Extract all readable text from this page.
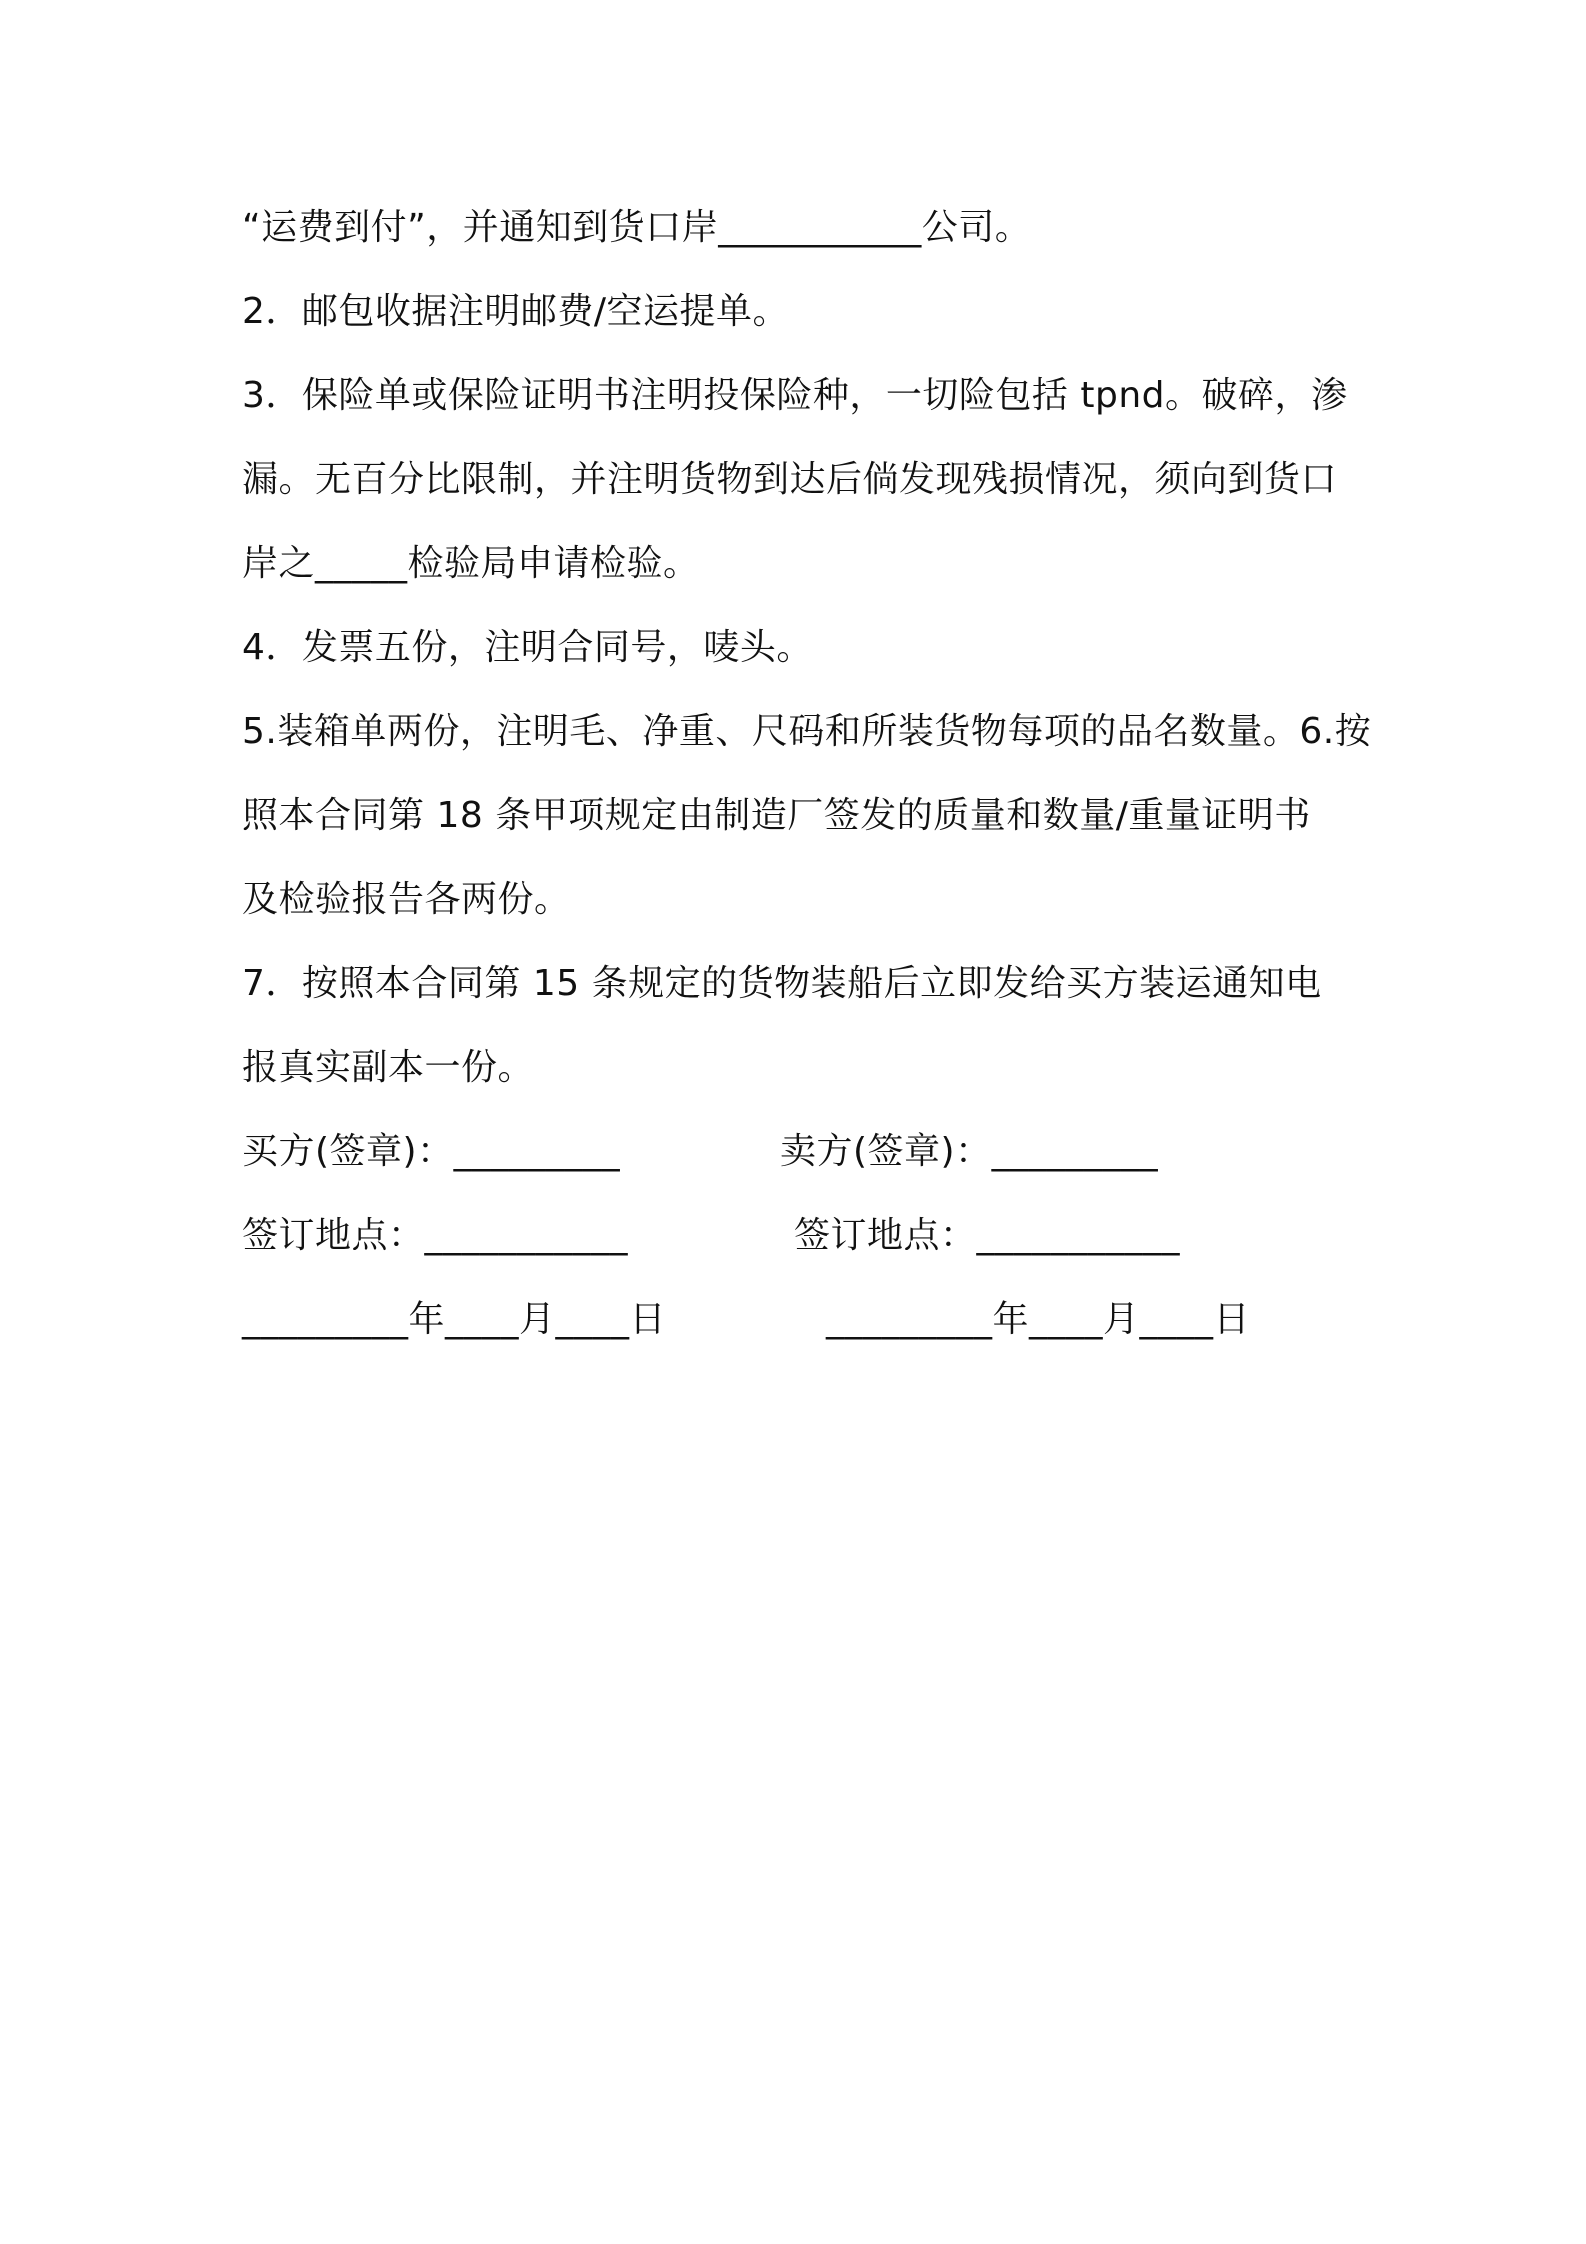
“运费到付”，并通知到货口岸___________公司。
2．邮包收据注明邮费/空运提单。
3．保险单或保险证明书注明投保险种，一切险包括 tpnd。破碎，渗
漏。无百分比限制，并注明货物到达后倘发现残损情况，须向到货口
岸之_____检验局申请检验。
4．发票五份，注明合同号，唛头。
5.装箱单两份，注明毛、净重、尺码和所装货物每项的品名数量。6.按
照本合同第 18 条甲项规定由制造厂签发的质量和数量/重量证明书
及检验报告各两份。
7．按照本合同第 15 条规定的货物装船后立即发给买方装运通知电
报真实副本一份。
买方(签章)：_________	卖方(签章)：_________
签订地点：___________	签订地点：___________
_________年____月____日	_________年____月____日
